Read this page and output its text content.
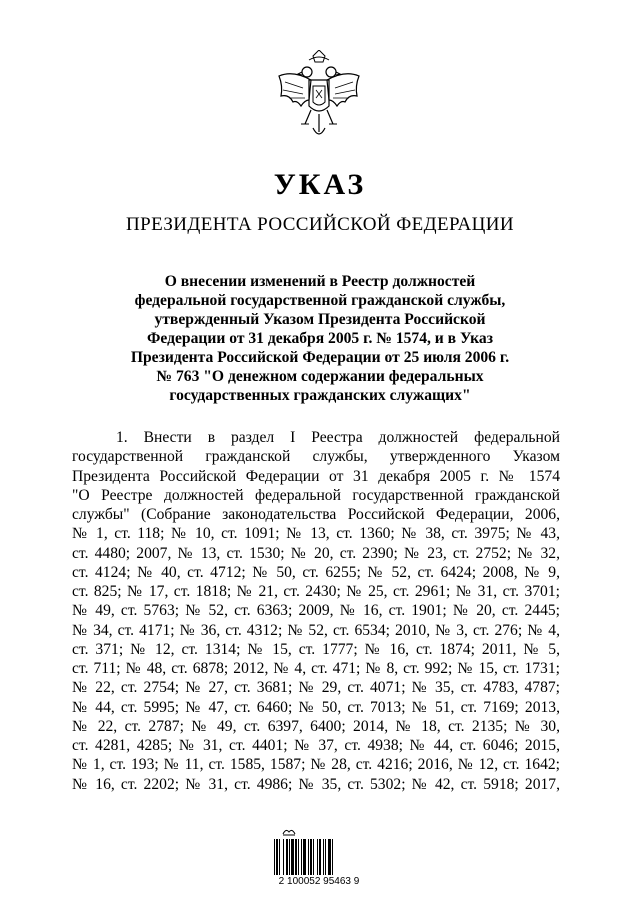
УКАЗ
ПРЕЗИДЕНТА РОССИЙСКОЙ ФЕДЕРАЦИИ
О внесении изменений в Реестр должностей
федеральной государственной гражданской службы,
утвержденный Указом Президента Российской
Федерации от 31 декабря 2005 г. № 1574, и в Указ
Президента Российской Федерации от 25 июля 2006 г.
№ 763 "О денежном содержании федеральных
государственных гражданских служащих"
1. Внести в раздел I Реестра должностей федеральной
государственной гражданской службы, утвержденного Указом
Президента Российской Федерации от 31 декабря 2005 г. № 1574
"О Реестре должностей федеральной государственной гражданской
службы" (Собрание законодательства Российской Федерации, 2006,
№ 1, ст. 118; № 10, ст. 1091; № 13, ст. 1360; № 38, ст. 3975; № 43,
ст. 4480; 2007, № 13, ст. 1530; № 20, ст. 2390; № 23, ст. 2752; № 32,
ст. 4124; № 40, ст. 4712; № 50, ст. 6255; № 52, ст. 6424; 2008, № 9,
ст. 825; № 17, ст. 1818; № 21, ст. 2430; № 25, ст. 2961; № 31, ст. 3701;
№ 49, ст. 5763; № 52, ст. 6363; 2009, № 16, ст. 1901; № 20, ст. 2445;
№ 34, ст. 4171; № 36, ст. 4312; № 52, ст. 6534; 2010, № 3, ст. 276; № 4,
ст. 371; № 12, ст. 1314; № 15, ст. 1777; № 16, ст. 1874; 2011, № 5,
ст. 711; № 48, ст. 6878; 2012, № 4, ст. 471; № 8, ст. 992; № 15, ст. 1731;
№ 22, ст. 2754; № 27, ст. 3681; № 29, ст. 4071; № 35, ст. 4783, 4787;
№ 44, ст. 5995; № 47, ст. 6460; № 50, ст. 7013; № 51, ст. 7169; 2013,
№ 22, ст. 2787; № 49, ст. 6397, 6400; 2014, № 18, ст. 2135; № 30,
ст. 4281, 4285; № 31, ст. 4401; № 37, ст. 4938; № 44, ст. 6046; 2015,
№ 1, ст. 193; № 11, ст. 1585, 1587; № 28, ст. 4216; 2016, № 12, ст. 1642;
№ 16, ст. 2202; № 31, ст. 4986; № 35, ст. 5302; № 42, ст. 5918; 2017,
2 100052 95463 9
